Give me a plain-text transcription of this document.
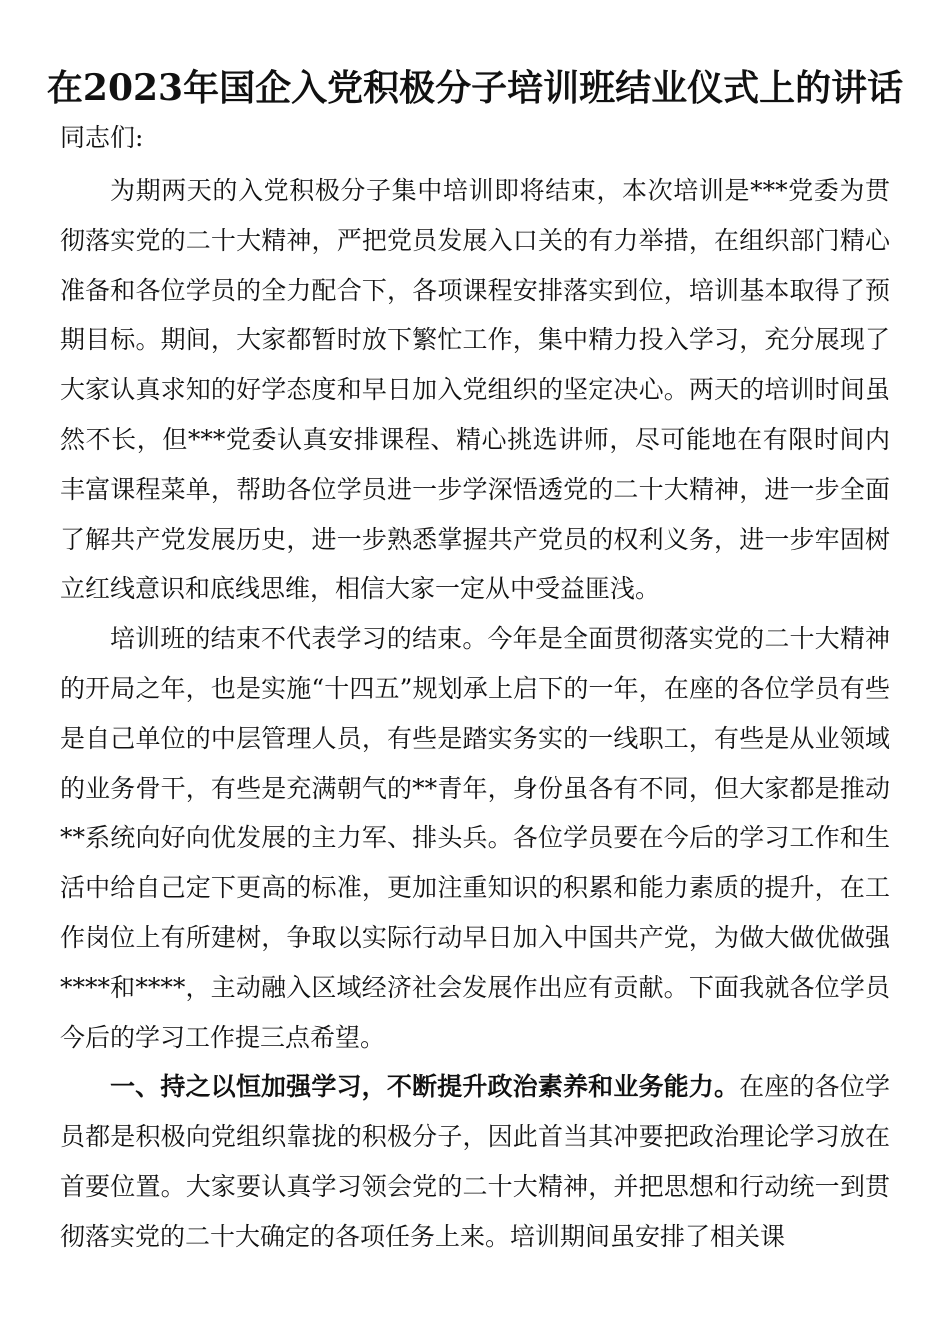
在2023年国企入党积极分子培训班结业仪式上的讲话
同志们:

为期两天的入党积极分子集中培训即将结束，本次培训是***党委为贯彻落实党的二十大精神，严把党员发展入口关的有力举措，在组织部门精心准备和各位学员的全力配合下，各项课程安排落实到位，培训基本取得了预期目标。期间，大家都暂时放下繁忙工作，集中精力投入学习，充分展现了大家认真求知的好学态度和早日加入党组织的坚定决心。两天的培训时间虽然不长，但***党委认真安排课程、精心挑选讲师，尽可能地在有限时间内丰富课程菜单，帮助各位学员进一步学深悟透党的二十大精神，进一步全面了解共产党发展历史，进一步熟悉掌握共产党员的权利义务，进一步牢固树立红线意识和底线思维，相信大家一定从中受益匪浅。

培训班的结束不代表学习的结束。今年是全面贯彻落实党的二十大精神的开局之年，也是实施“十四五”规划承上启下的一年，在座的各位学员有些是自己单位的中层管理人员，有些是踏实务实的一线职工，有些是从业领域的业务骨干，有些是充满朝气的**青年，身份虽各有不同，但大家都是推动**系统向好向优发展的主力军、排头兵。各位学员要在今后的学习工作和生活中给自己定下更高的标准，更加注重知识的积累和能力素质的提升，在工作岗位上有所建树，争取以实际行动早日加入中国共产党，为做大做优做强****和****，主动融入区域经济社会发展作出应有贡献。下面我就各位学员今后的学习工作提三点希望。

一、持之以恒加强学习，不断提升政治素养和业务能力。在座的各位学员都是积极向党组织靠拢的积极分子，因此首当其冲要把政治理论学习放在首要位置。大家要认真学习领会党的二十大精神，并把思想和行动统一到贯彻落实党的二十大确定的各项任务上来。培训期间虽安排了相关课
